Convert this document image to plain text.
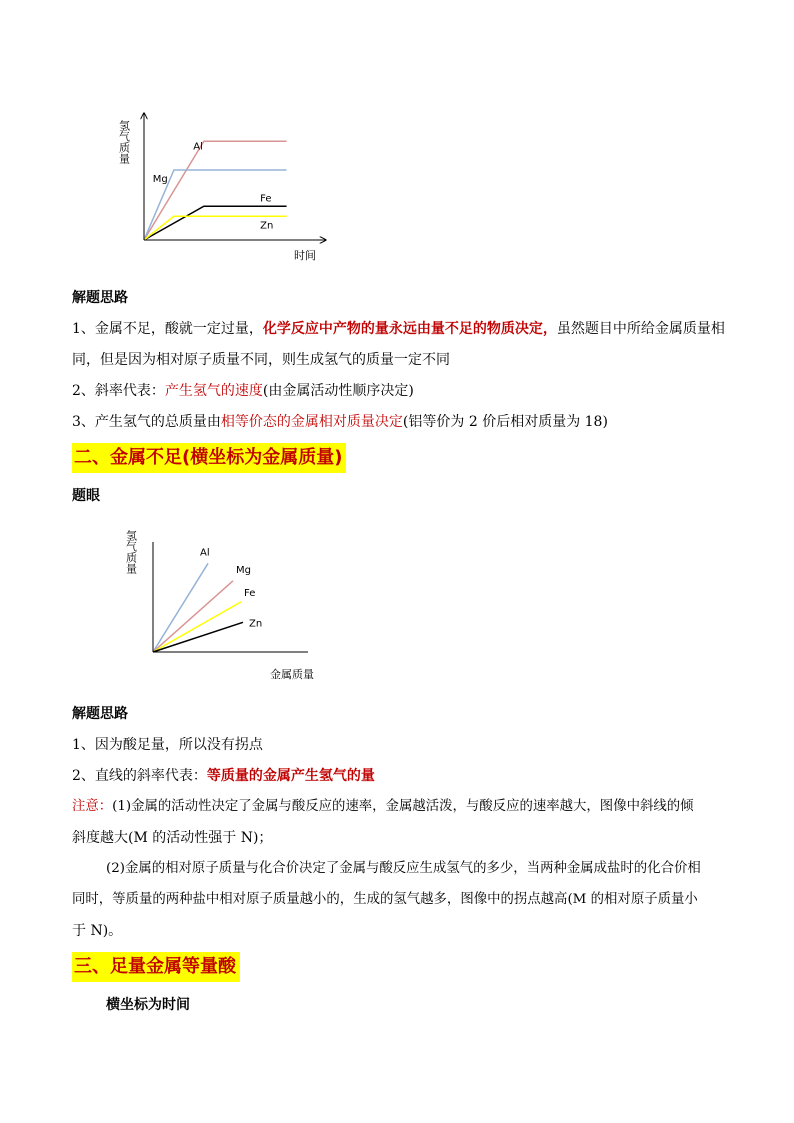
氢气质量
时间
Al
Mg
Fe
Zn
解题思路
1、金属不足，酸就一定过量，化学反应中产物的量永远由量不足的物质决定，虽然题目中所给金属质量相
同，但是因为相对原子质量不同，则生成氢气的质量一定不同
2、斜率代表：产生氢气的速度(由金属活动性顺序决定)
3、产生氢气的总质量由相等价态的金属相对质量决定(铝等价为 2 价后相对质量为 18)
二、金属不足(横坐标为金属质量)
题眼
氢气质量
金属质量
Al
Mg
Fe
Zn
解题思路
1、因为酸足量，所以没有拐点
2、直线的斜率代表：等质量的金属产生氢气的量
注意：(1)金属的活动性决定了金属与酸反应的速率，金属越活泼，与酸反应的速率越大，图像中斜线的倾
斜度越大(M 的活动性强于 N)；
(2)金属的相对原子质量与化合价决定了金属与酸反应生成氢气的多少，当两种金属成盐时的化合价相
同时，等质量的两种盐中相对原子质量越小的，生成的氢气越多，图像中的拐点越高(M 的相对原子质量小
于 N)。
三、足量金属等量酸
横坐标为时间
